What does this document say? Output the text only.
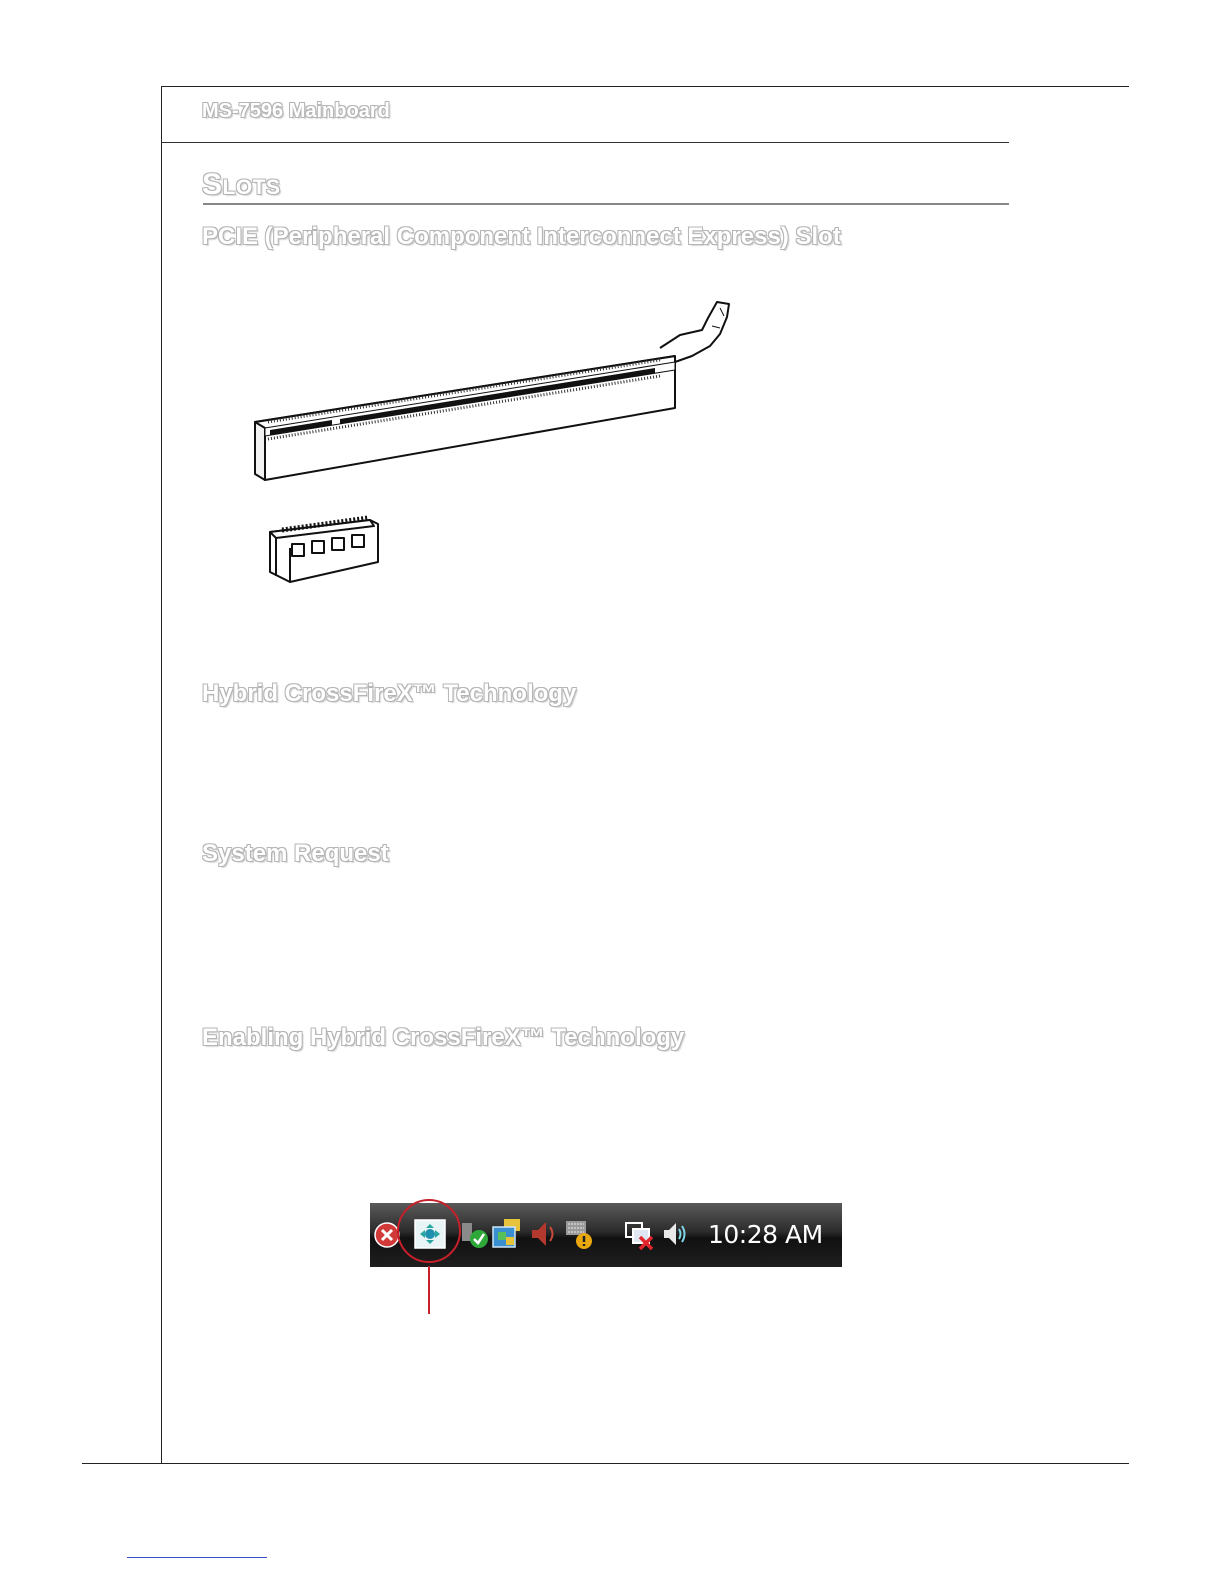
MS-7596 Mainboard
Slots
PCIE (Peripheral Component Interconnect Express) Slot
Hybrid CrossFireX™ Technology
System Request
Enabling Hybrid CrossFireX™ Technology
10:28 AM
